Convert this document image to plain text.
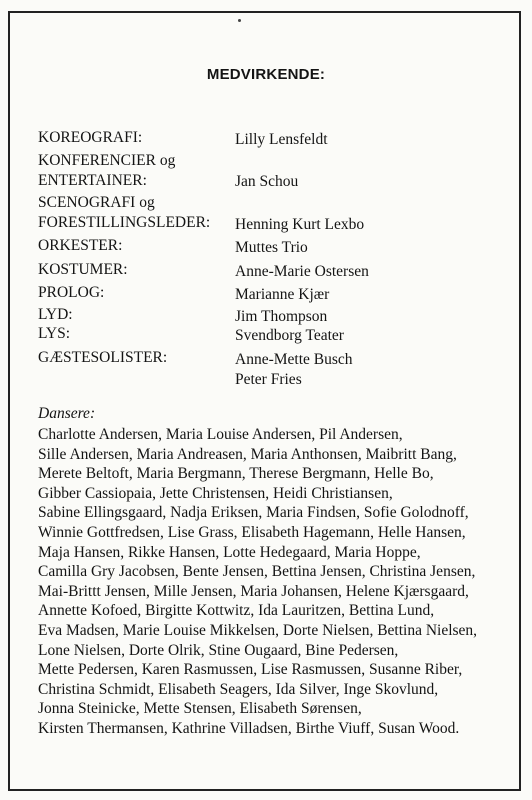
MEDVIRKENDE:
KOREOGRAFI:	Lilly Lensfeldt
KONFERENCIER og
ENTERTAINER:	Jan Schou
SCENOGRAFI og
FORESTILLINGSLEDER: Henning Kurt Lexbo
ORKESTER:	Muttes Trio
KOSTUMER:	Anne-Marie Ostersen
PROLOG:	Marianne Kjær
LYD:	Jim Thompson
LYS:	Svendborg Teater
GÆSTESOLISTER:	Anne-Mette Busch
Peter Fries
Dansere:
Charlotte Andersen, Maria Louise Andersen, Pil Andersen,
Sille Andersen, Maria Andreasen, Maria Anthonsen, Maibritt Bang,
Merete Beltoft, Maria Bergmann, Therese Bergmann, Helle Bo,
Gibber Cassiopaia, Jette Christensen, Heidi Christiansen,
Sabine Ellingsgaard, Nadja Eriksen, Maria Findsen, Sofie Golodnoff,
Winnie Gottfredsen, Lise Grass, Elisabeth Hagemann, Helle Hansen,
Maja Hansen, Rikke Hansen, Lotte Hedegaard, Maria Hoppe,
Camilla Gry Jacobsen, Bente Jensen, Bettina Jensen, Christina Jensen,
Mai-Brittt Jensen, Mille Jensen, Maria Johansen, Helene Kjærsgaard,
Annette Kofoed, Birgitte Kottwitz, Ida Lauritzen, Bettina Lund,
Eva Madsen, Marie Louise Mikkelsen, Dorte Nielsen, Bettina Nielsen,
Lone Nielsen, Dorte Olrik, Stine Ougaard, Bine Pedersen,
Mette Pedersen, Karen Rasmussen, Lise Rasmussen, Susanne Riber,
Christina Schmidt, Elisabeth Seagers, Ida Silver, Inge Skovlund,
Jonna Steinicke, Mette Stensen, Elisabeth Sørensen,
Kirsten Thermansen, Kathrine Villadsen, Birthe Viuff, Susan Wood.
